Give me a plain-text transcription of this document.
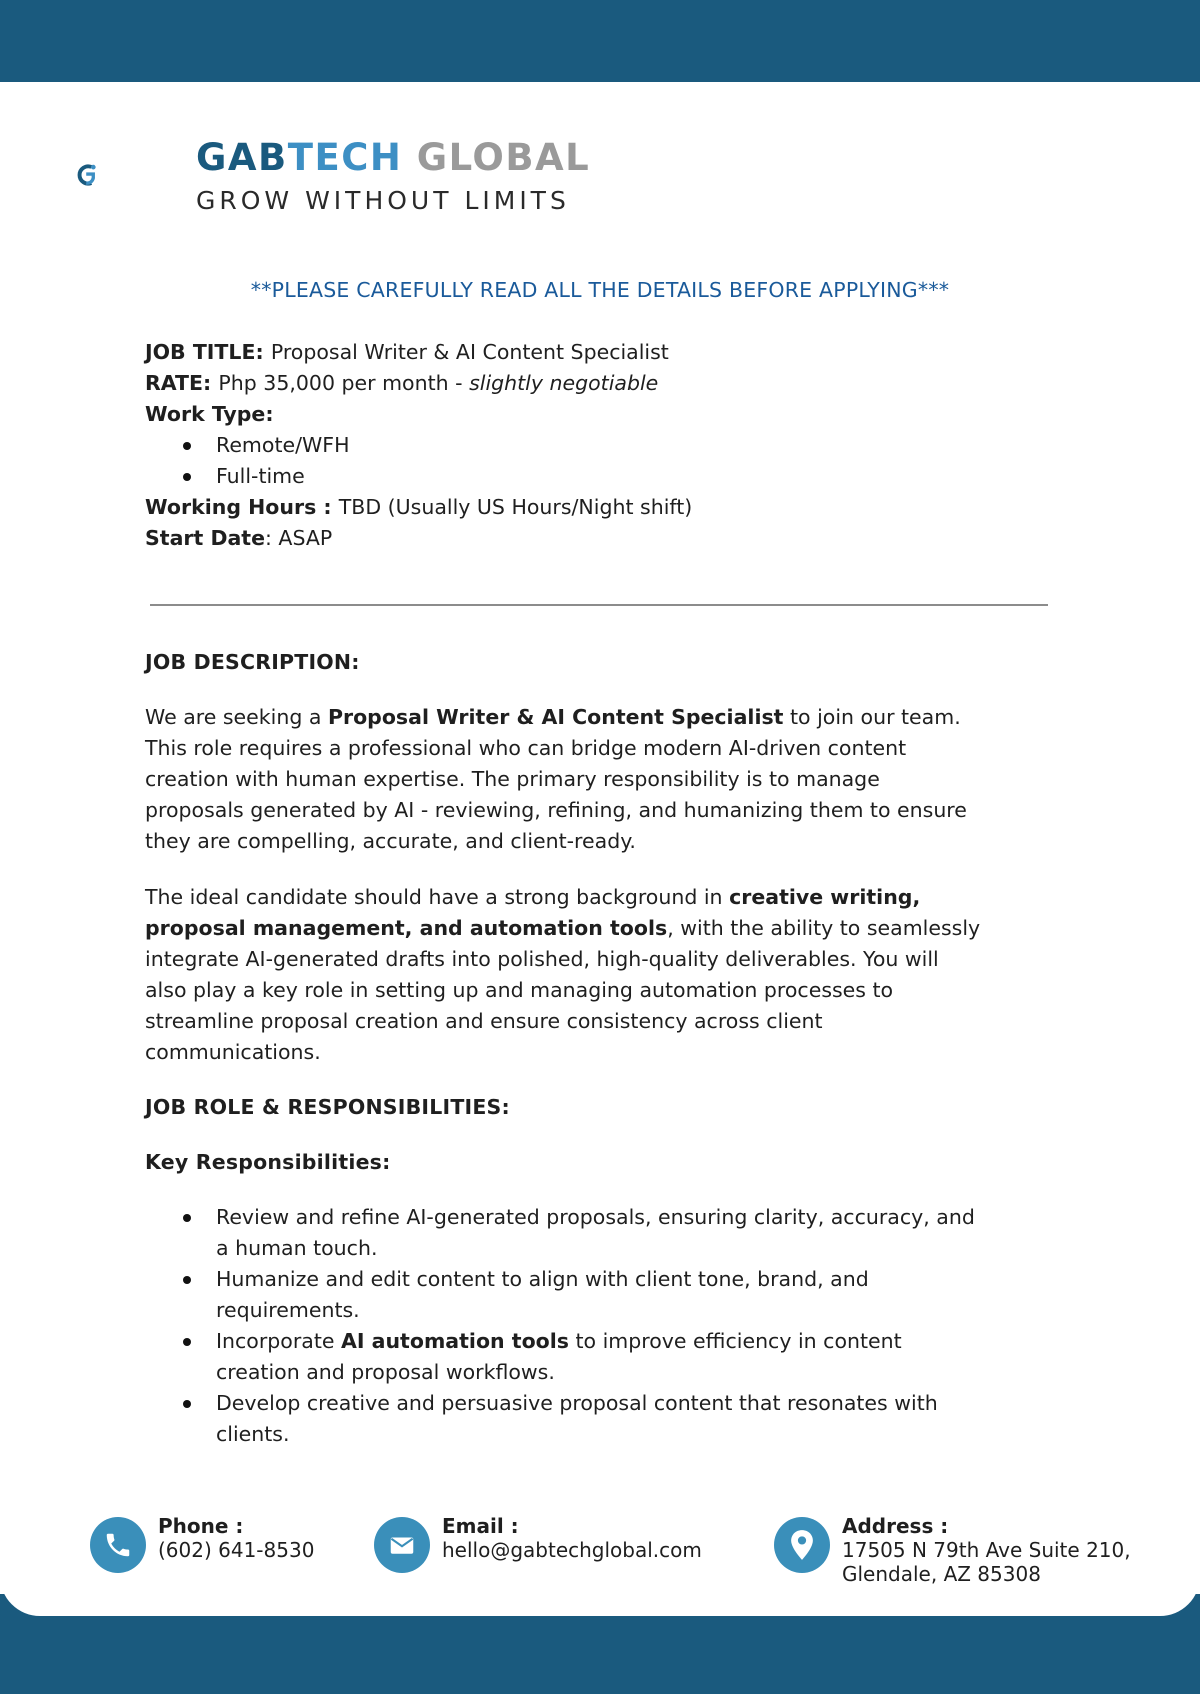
GABTECH GLOBAL
GROW WITHOUT LIMITS
**PLEASE CAREFULLY READ ALL THE DETAILS BEFORE APPLYING***

JOB TITLE: Proposal Writer & AI Content Specialist

RATE: Php 35,000 per month - slightly negotiable

Work Type:

Remote/WFH
Full-time

Working Hours : TBD (Usually US Hours/Night shift)

Start Date: ASAP

JOB DESCRIPTION:

We are seeking a Proposal Writer & AI Content Specialist to join our team.

This role requires a professional who can bridge modern AI-driven content

creation with human expertise. The primary responsibility is to manage

proposals generated by AI - reviewing, refining, and humanizing them to ensure

they are compelling, accurate, and client-ready.

The ideal candidate should have a strong background in creative writing,

proposal management, and automation tools, with the ability to seamlessly

integrate AI-generated drafts into polished, high-quality deliverables. You will

also play a key role in setting up and managing automation processes to

streamline proposal creation and ensure consistency across client

communications.

JOB ROLE & RESPONSIBILITIES:

Key Responsibilities:

Review and refine AI-generated proposals, ensuring clarity, accuracy, and
a human touch.
Humanize and edit content to align with client tone, brand, and
requirements.
Incorporate AI automation tools to improve efficiency in content
creation and proposal workflows.
Develop creative and persuasive proposal content that resonates with
clients.
Phone :
(602) 641-8530
Email :
hello@gabtechglobal.com
Address :
17505 N 79th Ave Suite 210,
Glendale, AZ 85308
